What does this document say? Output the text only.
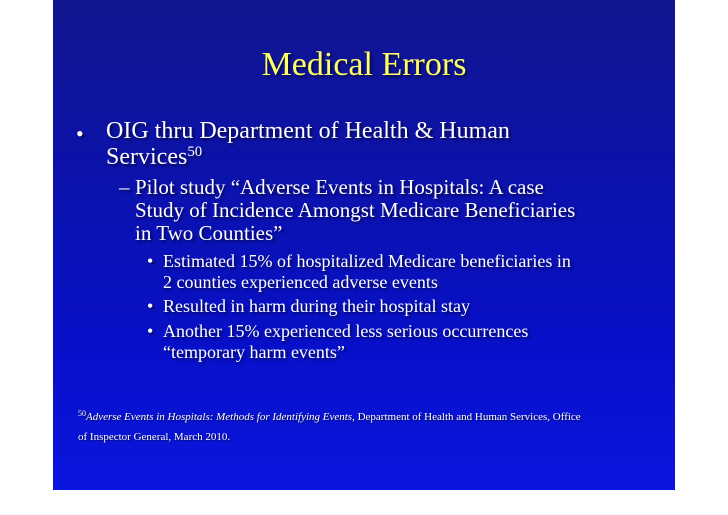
Medical Errors
• OIG thru Department of Health & Human
Services$^{50}$
– Pilot study “Adverse Events in Hospitals: A case
Study of Incidence Amongst Medicare Beneficiaries
in Two Counties”
• Estimated 15% of hospitalized Medicare beneficiaries in
2 counties experienced adverse events
• Resulted in harm during their hospital stay
• Another 15% experienced less serious occurrences
“temporary harm events”
$^{50}$Adverse Events in Hospitals: Methods for Identifying Events, Department of Health and Human Services, Office
of Inspector General, March 2010.
